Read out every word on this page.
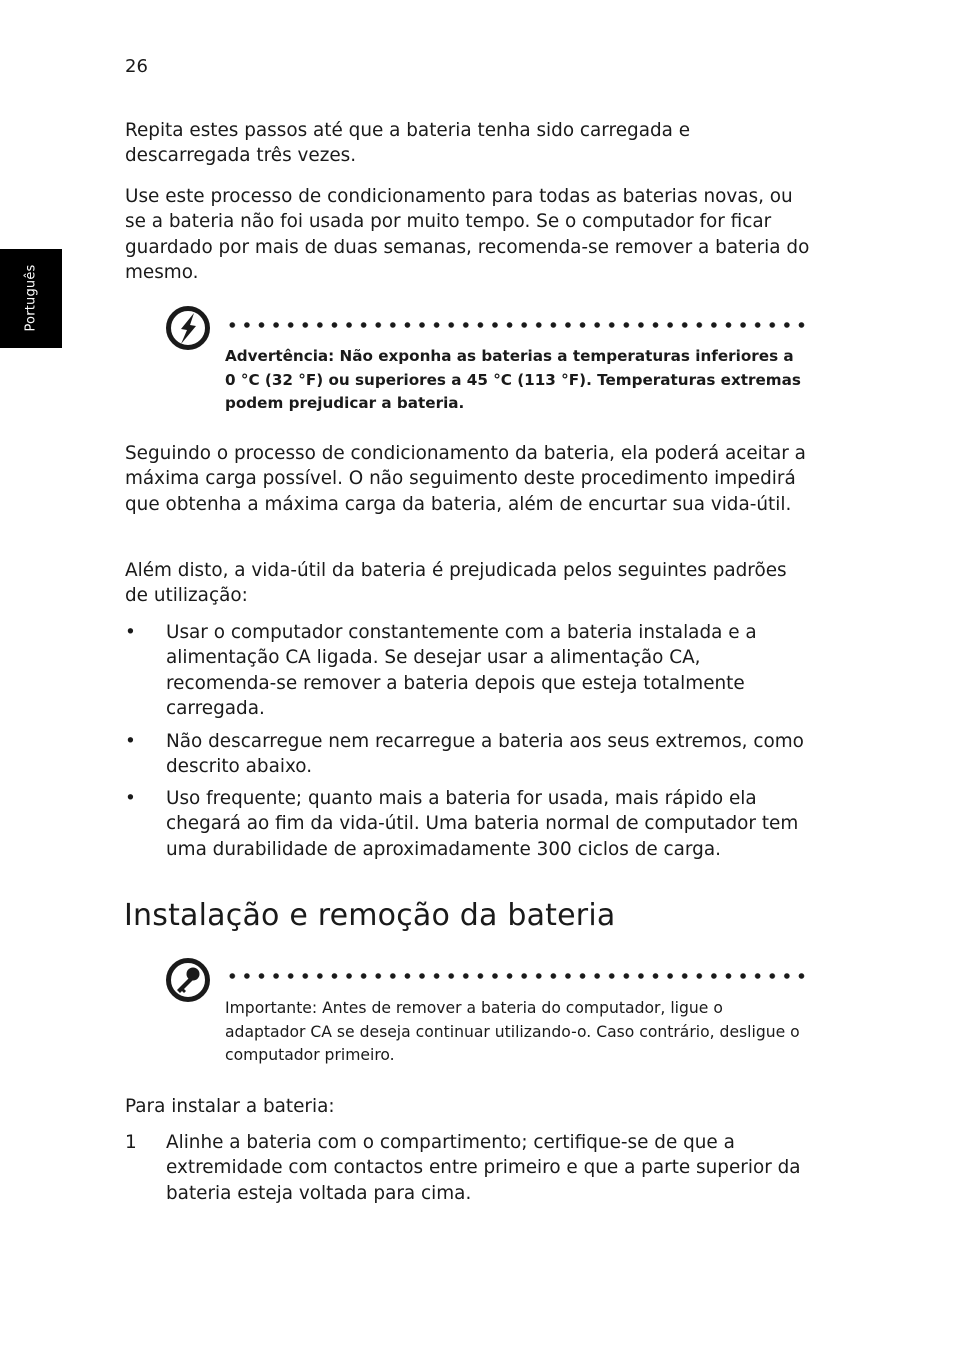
26
Português

Repita estes passos até que a bateria tenha sido carregada e descarregada três vezes.

Use este processo de condicionamento para todas as baterias novas, ou se a bateria não foi usada por muito tempo. Se o computador for ficar guardado por mais de duas semanas, recomenda-se remover a bateria do mesmo.

Advertência: Não exponha as baterias a temperaturas inferiores a 0 °C (32 °F) ou superiores a 45 °C (113 °F). Temperaturas extremas podem prejudicar a bateria.

Seguindo o processo de condicionamento da bateria, ela poderá aceitar a máxima carga possível. O não seguimento deste procedimento impedirá que obtenha a máxima carga da bateria, além de encurtar sua vida-útil.

Além disto, a vida-útil da bateria é prejudicada pelos seguintes padrões de utilização:

• Usar o computador constantemente com a bateria instalada e a alimentação CA ligada. Se desejar usar a alimentação CA, recomenda-se remover a bateria depois que esteja totalmente carregada.

• Não descarregue nem recarregue a bateria aos seus extremos, como descrito abaixo.

• Uso frequente; quanto mais a bateria for usada, mais rápido ela chegará ao fim da vida-útil. Uma bateria normal de computador tem uma durabilidade de aproximadamente 300 ciclos de carga.

Instalação e remoção da bateria

Importante: Antes de remover a bateria do computador, ligue o adaptador CA se deseja continuar utilizando-o. Caso contrário, desligue o computador primeiro.

Para instalar a bateria:

1 Alinhe a bateria com o compartimento; certifique-se de que a extremidade com contactos entre primeiro e que a parte superior da bateria esteja voltada para cima.
